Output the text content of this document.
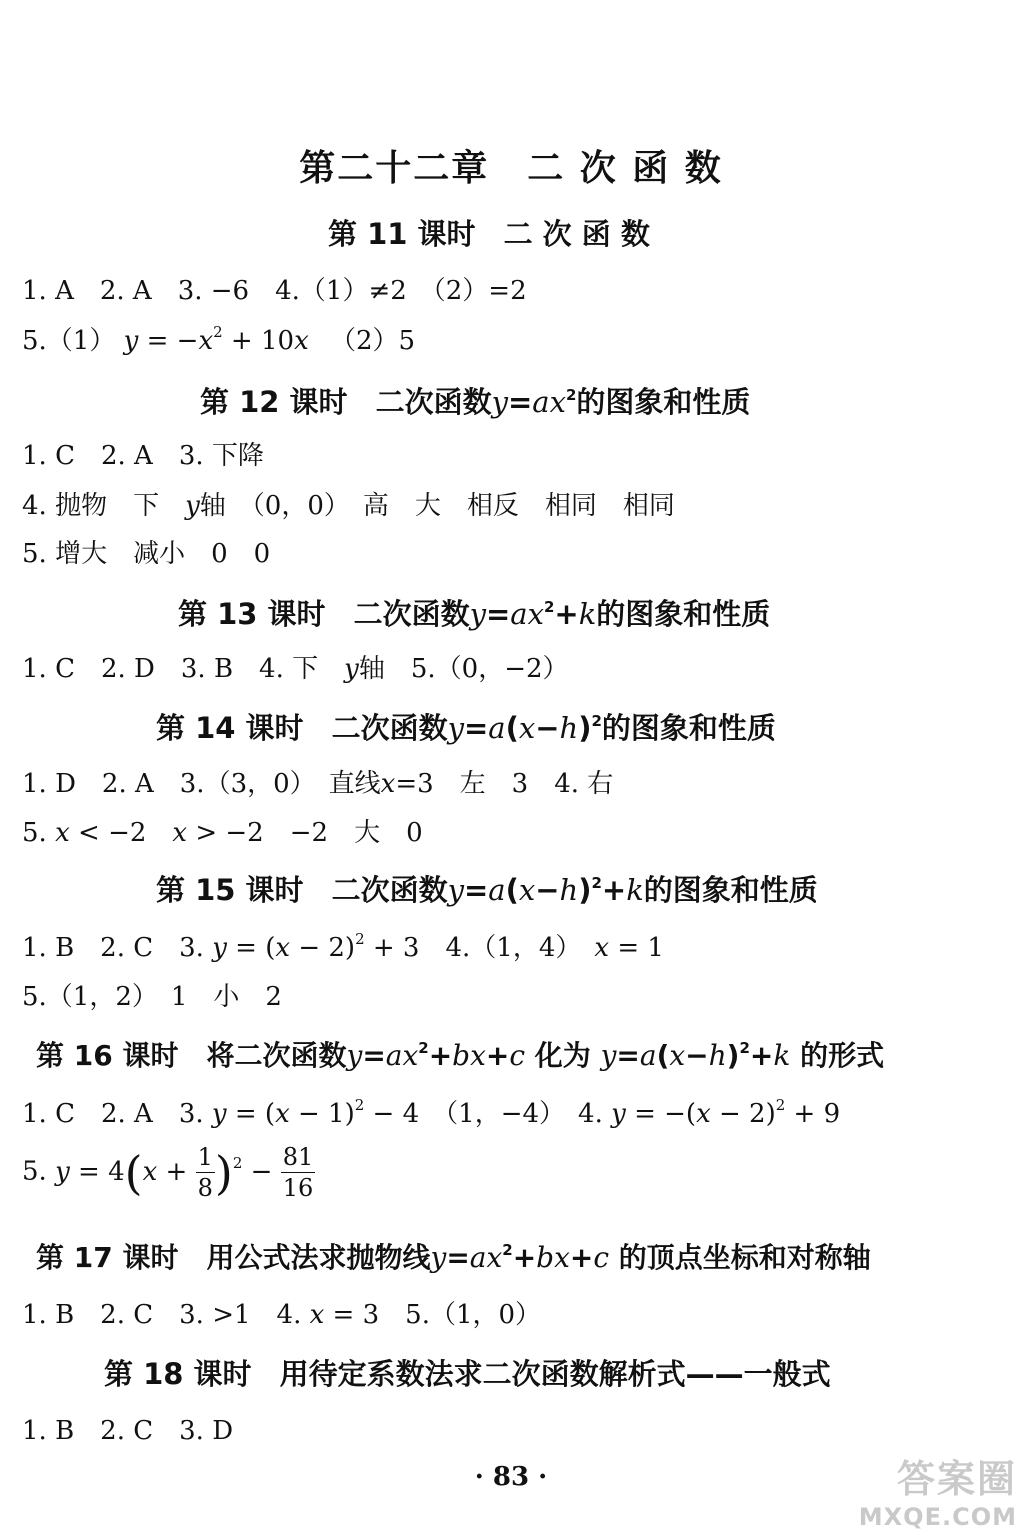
第二十二章　二 次 函 数
第 11 课时 二 次 函 数
1. A　2. A　3. −6　4.（1）≠2　（2）=2
5.（1） $y = -x^2 + 10x$ 　 （2）5
第 12 课时 二次函数$y=ax^2$的图象和性质
1. C　2. A　3. 下降
4. 抛物　下　 y轴　（0，0）　高　大　相反　相同　相同
5. 增大　减小　0　0
第 13 课时 二次函数$y=ax^2+k$的图象和性质
1. C　2. D　3. B　4. 下　 y轴　5.（0，−2）
第 14 课时 二次函数$y=a(x-h)^2$的图象和性质
1. D　2. A　3.（3，0）　直线x=3　左　3　4. 右
5. x < −2　x > −2　 −2　大　0
第 15 课时 二次函数$y=a(x-h)^2+k$的图象和性质
1. B　2. C　3. $y = (x - 2)^2 + 3$　 4.（1，4）　 x = 1
5.（1，2）　1　小　2
第 16 课时 将二次函数$y=ax^2+bx+c$ 化为 $y=a(x-h)^2+k$ 的形式
1. C　2. A　3. $y = (x - 1)^2 - 4$　 （1，−4）　4. $y = -(x - 2)^2 + 9$
5. $y = 4(x + \frac{1}{8} )^2 - \frac{81}{16}$
第 17 课时 用公式法求抛物线$y=ax^2+bx+c$ 的顶点坐标和对称轴
1. B　2. C　3. >1　4. x = 3　5.（1，0）
第 18 课时 用待定系数法求二次函数解析式——一般式
1. B　2. C　3. D
· 83 ·	答案圈
MXQE.COM
